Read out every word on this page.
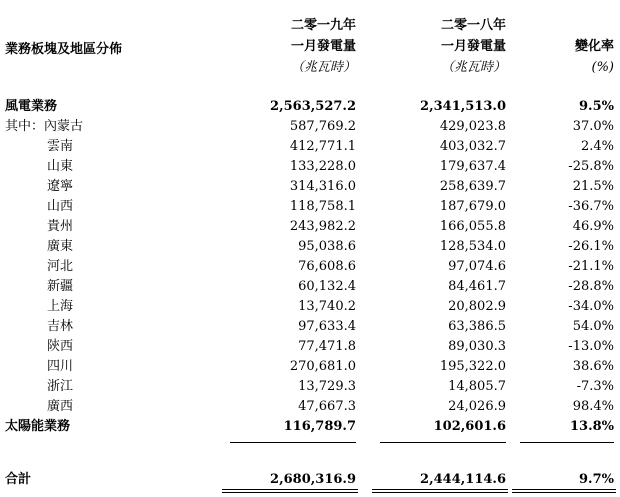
業務板塊及地區分佈
二零一九年
一月發電量
（兆瓦時）
二零一八年
一月發電量
（兆瓦時）
變化率
(%)
風電業務	2,563,527.2	2,341,513.0	9.5%
其中：內蒙古	587,769.2	429,023.8	37.0%
雲南	412,771.1	403,032.7	2.4%
山東	133,228.0	179,637.4	-25.8%
遼寧	314,316.0	258,639.7	21.5%
山西	118,758.1	187,679.0	-36.7%
貴州	243,982.2	166,055.8	46.9%
廣東	95,038.6	128,534.0	-26.1%
河北	76,608.6	97,074.6	-21.1%
新疆	60,132.4	84,461.7	-28.8%
上海	13,740.2	20,802.9	-34.0%
吉林	97,633.4	63,386.5	54.0%
陝西	77,471.8	89,030.3	-13.0%
四川	270,681.0	195,322.0	38.6%
浙江	13,729.3	14,805.7	-7.3%
廣西	47,667.3	24,026.9	98.4%
太陽能業務	116,789.7	102,601.6	13.8%
合計	2,680,316.9	2,444,114.6	9.7%
